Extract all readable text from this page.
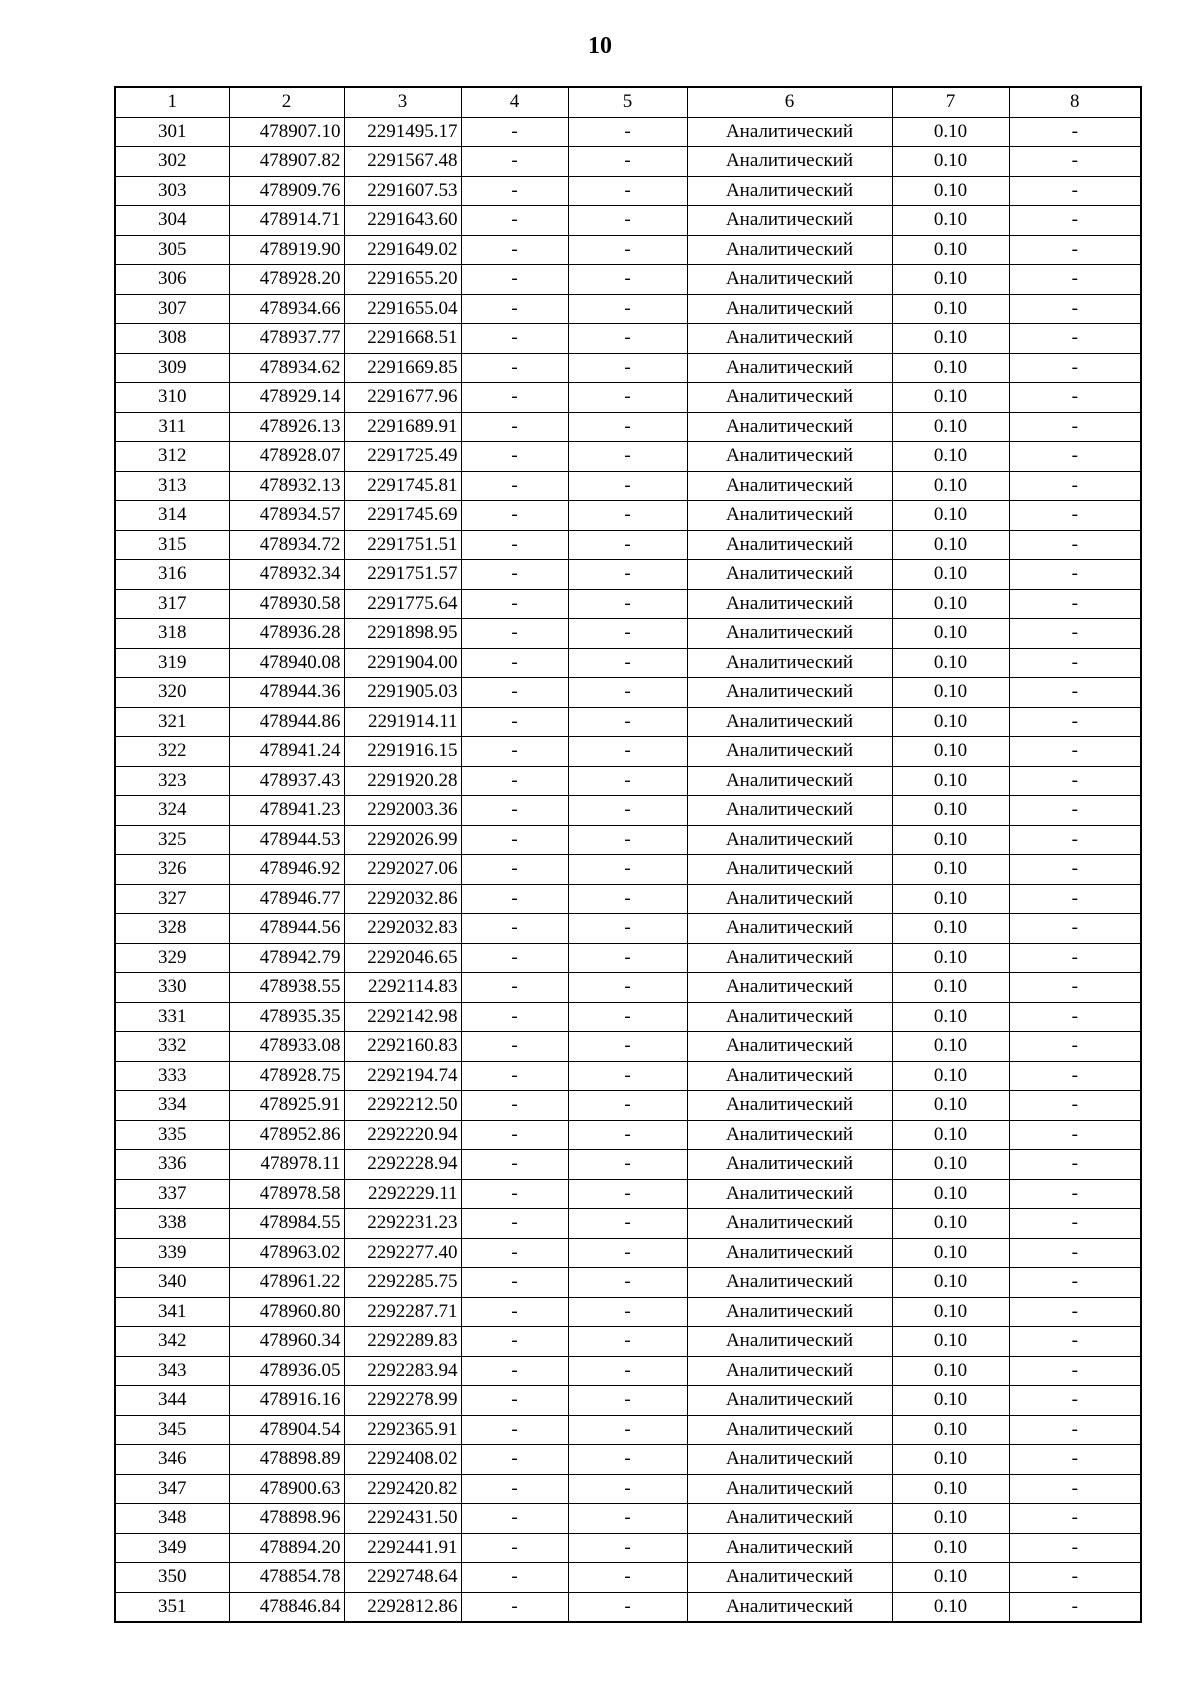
10
1	2	3	4	5	6	7	8
301	478907.10	2291495.17	-	-	Аналитический	0.10	-
302	478907.82	2291567.48	-	-	Аналитический	0.10	-
303	478909.76	2291607.53	-	-	Аналитический	0.10	-
304	478914.71	2291643.60	-	-	Аналитический	0.10	-
305	478919.90	2291649.02	-	-	Аналитический	0.10	-
306	478928.20	2291655.20	-	-	Аналитический	0.10	-
307	478934.66	2291655.04	-	-	Аналитический	0.10	-
308	478937.77	2291668.51	-	-	Аналитический	0.10	-
309	478934.62	2291669.85	-	-	Аналитический	0.10	-
310	478929.14	2291677.96	-	-	Аналитический	0.10	-
311	478926.13	2291689.91	-	-	Аналитический	0.10	-
312	478928.07	2291725.49	-	-	Аналитический	0.10	-
313	478932.13	2291745.81	-	-	Аналитический	0.10	-
314	478934.57	2291745.69	-	-	Аналитический	0.10	-
315	478934.72	2291751.51	-	-	Аналитический	0.10	-
316	478932.34	2291751.57	-	-	Аналитический	0.10	-
317	478930.58	2291775.64	-	-	Аналитический	0.10	-
318	478936.28	2291898.95	-	-	Аналитический	0.10	-
319	478940.08	2291904.00	-	-	Аналитический	0.10	-
320	478944.36	2291905.03	-	-	Аналитический	0.10	-
321	478944.86	2291914.11	-	-	Аналитический	0.10	-
322	478941.24	2291916.15	-	-	Аналитический	0.10	-
323	478937.43	2291920.28	-	-	Аналитический	0.10	-
324	478941.23	2292003.36	-	-	Аналитический	0.10	-
325	478944.53	2292026.99	-	-	Аналитический	0.10	-
326	478946.92	2292027.06	-	-	Аналитический	0.10	-
327	478946.77	2292032.86	-	-	Аналитический	0.10	-
328	478944.56	2292032.83	-	-	Аналитический	0.10	-
329	478942.79	2292046.65	-	-	Аналитический	0.10	-
330	478938.55	2292114.83	-	-	Аналитический	0.10	-
331	478935.35	2292142.98	-	-	Аналитический	0.10	-
332	478933.08	2292160.83	-	-	Аналитический	0.10	-
333	478928.75	2292194.74	-	-	Аналитический	0.10	-
334	478925.91	2292212.50	-	-	Аналитический	0.10	-
335	478952.86	2292220.94	-	-	Аналитический	0.10	-
336	478978.11	2292228.94	-	-	Аналитический	0.10	-
337	478978.58	2292229.11	-	-	Аналитический	0.10	-
338	478984.55	2292231.23	-	-	Аналитический	0.10	-
339	478963.02	2292277.40	-	-	Аналитический	0.10	-
340	478961.22	2292285.75	-	-	Аналитический	0.10	-
341	478960.80	2292287.71	-	-	Аналитический	0.10	-
342	478960.34	2292289.83	-	-	Аналитический	0.10	-
343	478936.05	2292283.94	-	-	Аналитический	0.10	-
344	478916.16	2292278.99	-	-	Аналитический	0.10	-
345	478904.54	2292365.91	-	-	Аналитический	0.10	-
346	478898.89	2292408.02	-	-	Аналитический	0.10	-
347	478900.63	2292420.82	-	-	Аналитический	0.10	-
348	478898.96	2292431.50	-	-	Аналитический	0.10	-
349	478894.20	2292441.91	-	-	Аналитический	0.10	-
350	478854.78	2292748.64	-	-	Аналитический	0.10	-
351	478846.84	2292812.86	-	-	Аналитический	0.10	-
